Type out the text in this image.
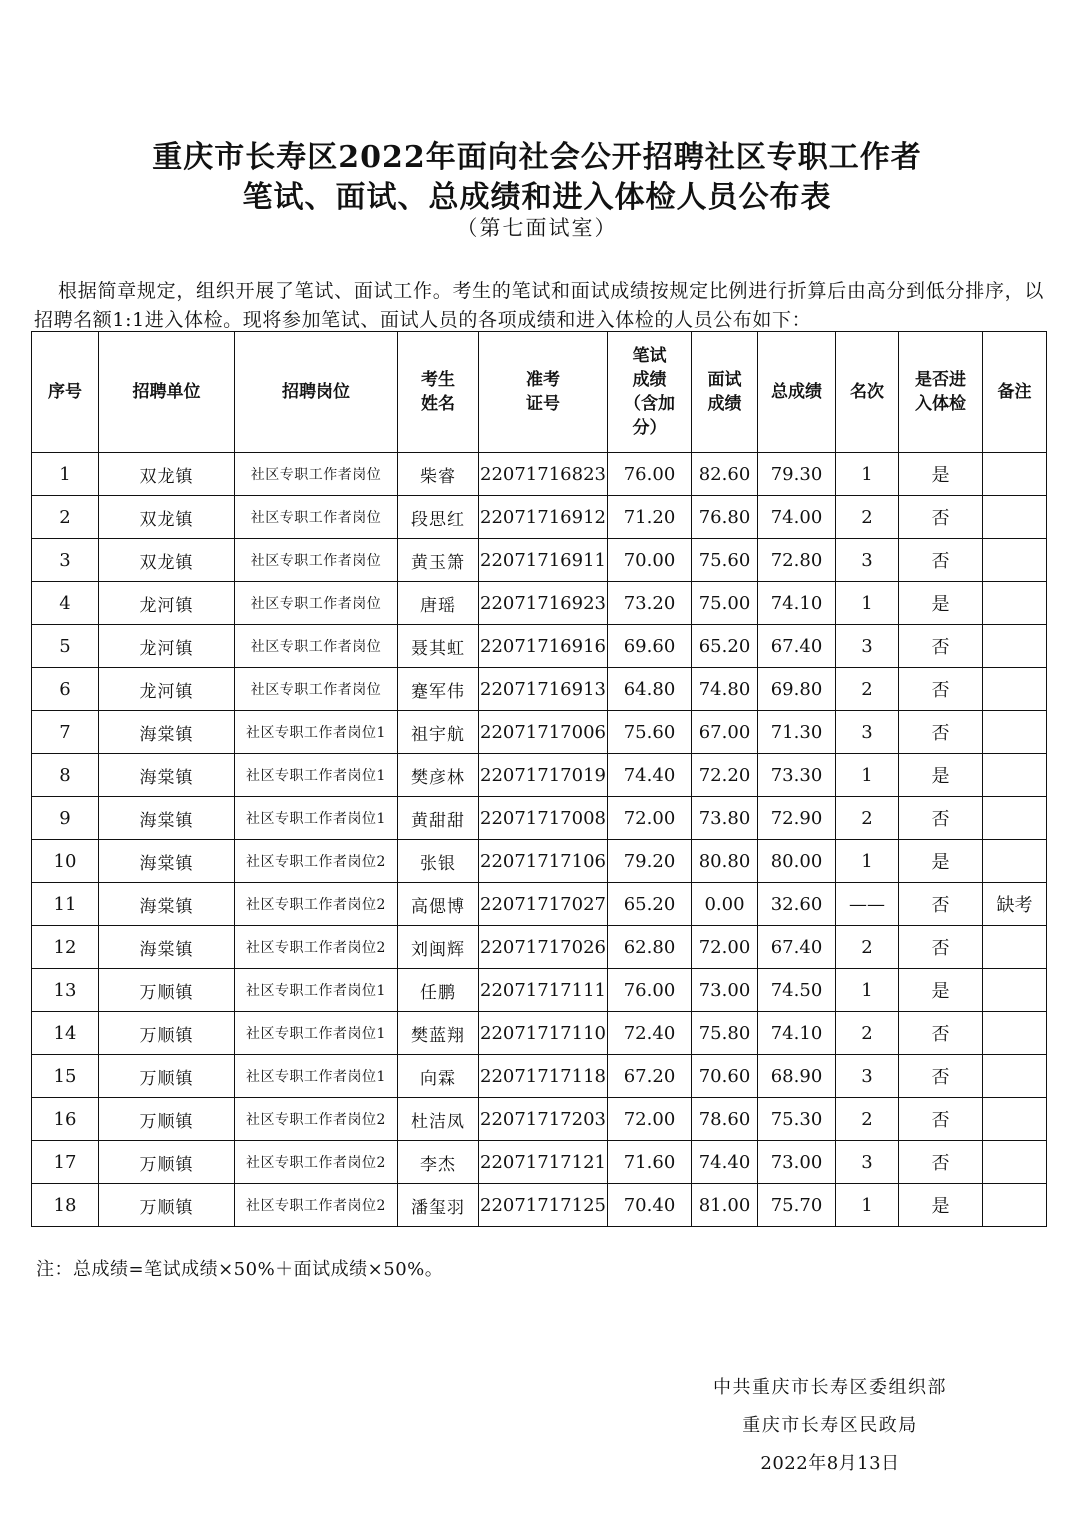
重庆市长寿区2022年面向社会公开招聘社区专职工作者
笔试、面试、总成绩和进入体检人员公布表
（第七面试室）

根据简章规定，组织开展了笔试、面试工作。考生的笔试和面试成绩按规定比例进行折算后由高分到低分排序，以招聘名额1:1进入体检。现将参加笔试、面试人员的各项成绩和进入体检的人员公布如下：

序号	招聘单位	招聘岗位	考生
姓名	准考
证号	笔试
成绩
（含加
分）	面试
成绩	总成绩	名次	是否进
入体检	备注
1	双龙镇	社区专职工作者岗位	柴睿	22071716823	76.00	82.60	79.30	1	是	
2	双龙镇	社区专职工作者岗位	段思红	22071716912	71.20	76.80	74.00	2	否	
3	双龙镇	社区专职工作者岗位	黄玉箫	22071716911	70.00	75.60	72.80	3	否	
4	龙河镇	社区专职工作者岗位	唐瑶	22071716923	73.20	75.00	74.10	1	是	
5	龙河镇	社区专职工作者岗位	聂其虹	22071716916	69.60	65.20	67.40	3	否	
6	龙河镇	社区专职工作者岗位	蹇军伟	22071716913	64.80	74.80	69.80	2	否	
7	海棠镇	社区专职工作者岗位1	祖宇航	22071717006	75.60	67.00	71.30	3	否	
8	海棠镇	社区专职工作者岗位1	樊彦林	22071717019	74.40	72.20	73.30	1	是	
9	海棠镇	社区专职工作者岗位1	黄甜甜	22071717008	72.00	73.80	72.90	2	否	
10	海棠镇	社区专职工作者岗位2	张银	22071717106	79.20	80.80	80.00	1	是	
11	海棠镇	社区专职工作者岗位2	高偲博	22071717027	65.20	0.00	32.60	——	否	缺考
12	海棠镇	社区专职工作者岗位2	刘闽辉	22071717026	62.80	72.00	67.40	2	否	
13	万顺镇	社区专职工作者岗位1	任鹏	22071717111	76.00	73.00	74.50	1	是	
14	万顺镇	社区专职工作者岗位1	樊蓝翔	22071717110	72.40	75.80	74.10	2	否	
15	万顺镇	社区专职工作者岗位1	向霖	22071717118	67.20	70.60	68.90	3	否	
16	万顺镇	社区专职工作者岗位2	杜洁凤	22071717203	72.00	78.60	75.30	2	否	
17	万顺镇	社区专职工作者岗位2	李杰	22071717121	71.60	74.40	73.00	3	否	
18	万顺镇	社区专职工作者岗位2	潘玺羽	22071717125	70.40	81.00	75.70	1	是	
注：总成绩=笔试成绩×50%＋面试成绩×50%。
中共重庆市长寿区委组织部
重庆市长寿区民政局
2022年8月13日
